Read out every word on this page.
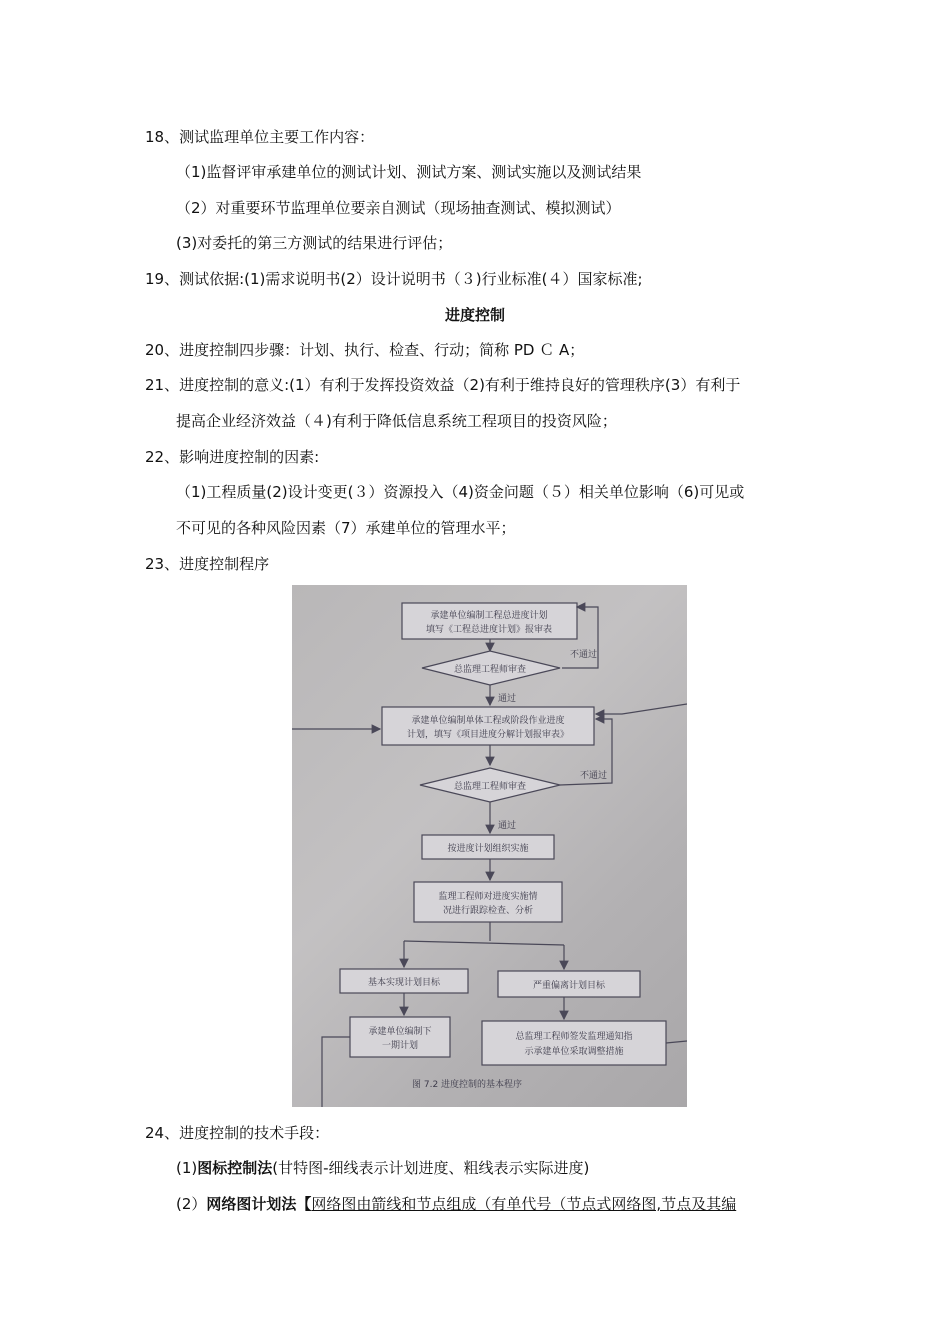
18、测试监理单位主要工作内容：
（1)监督评审承建单位的测试计划、测试方案、测试实施以及测试结果
（2）对重要环节监理单位要亲自测试（现场抽查测试、模拟测试）
(3)对委托的第三方测试的结果进行评估；
19、测试依据:(1)需求说明书(2）设计说明书（３)行业标准(４）国家标准;
进度控制
20、进度控制四步骤：计划、执行、检查、行动；简称 PD Ｃ A；
21、进度控制的意义:(1）有利于发挥投资效益（2)有利于维持良好的管理秩序(3）有利于
提高企业经济效益（４)有利于降低信息系统工程项目的投资风险；
22、影响进度控制的因素:
（1)工程质量(2)设计变更(３）资源投入（4)资金问题（５）相关单位影响（6)可见或
不可见的各种风险因素（7）承建单位的管理水平；
23、进度控制程序
承建单位编制工程总进度计划
填写《工程总进度计划》报审表
总监理工程师审查
不通过
通过
承建单位编制单体工程或阶段作业进度
计划，填写《项目进度分解计划报审表》
总监理工程师审查
不通过
通过
按进度计划组织实施
监理工程师对进度实施情
况进行跟踪检查、分析
基本实现计划目标	严重偏离计划目标
承建单位编制下
一期计划
总监理工程师签发监理通知指
示承建单位采取调整措施
图 7.2 进度控制的基本程序
24、进度控制的技术手段：
(1)图标控制法(甘特图-细线表示计划进度、粗线表示实际进度)
(2）网络图计划法【网络图由箭线和节点组成（有单代号（节点式网络图,节点及其编
